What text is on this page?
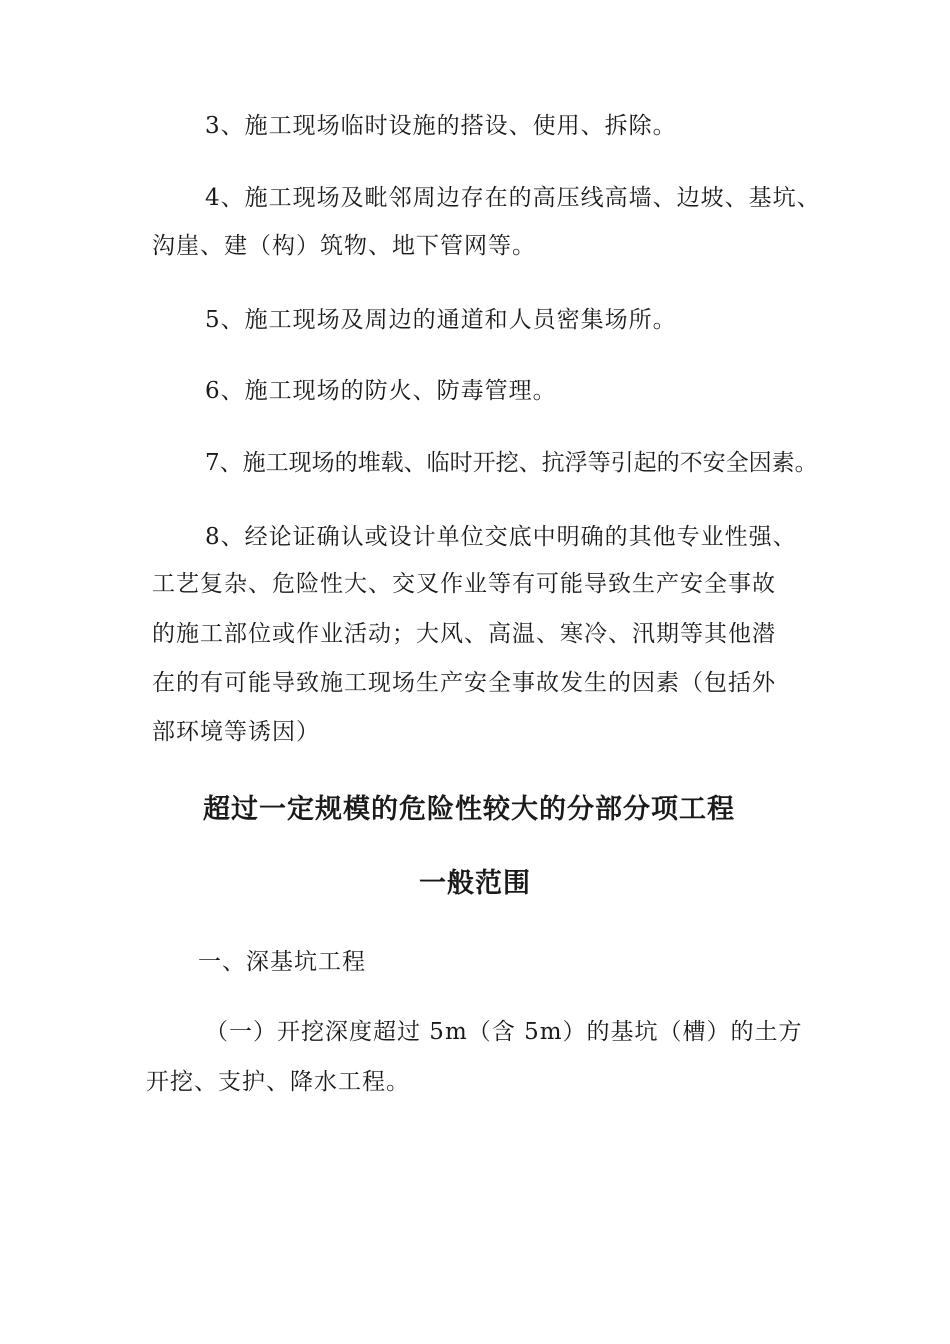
3、施工现场临时设施的搭设、使用、拆除。
4、施工现场及毗邻周边存在的高压线高墙、边坡、基坑、
沟崖、建（构）筑物、地下管网等。
5、施工现场及周边的通道和人员密集场所。
6、施工现场的防火、防毒管理。
7、施工现场的堆载、临时开挖、抗浮等引起的不安全因素。
8、经论证确认或设计单位交底中明确的其他专业性强、
工艺复杂、危险性大、交叉作业等有可能导致生产安全事故
的施工部位或作业活动；大风、高温、寒冷、汛期等其他潜
在的有可能导致施工现场生产安全事故发生的因素（包括外
部环境等诱因）
超过一定规模的危险性较大的分部分项工程
一般范围
一、深基坑工程
（一）开挖深度超过 5m（含 5m）的基坑（槽）的土方
开挖、支护、降水工程。
